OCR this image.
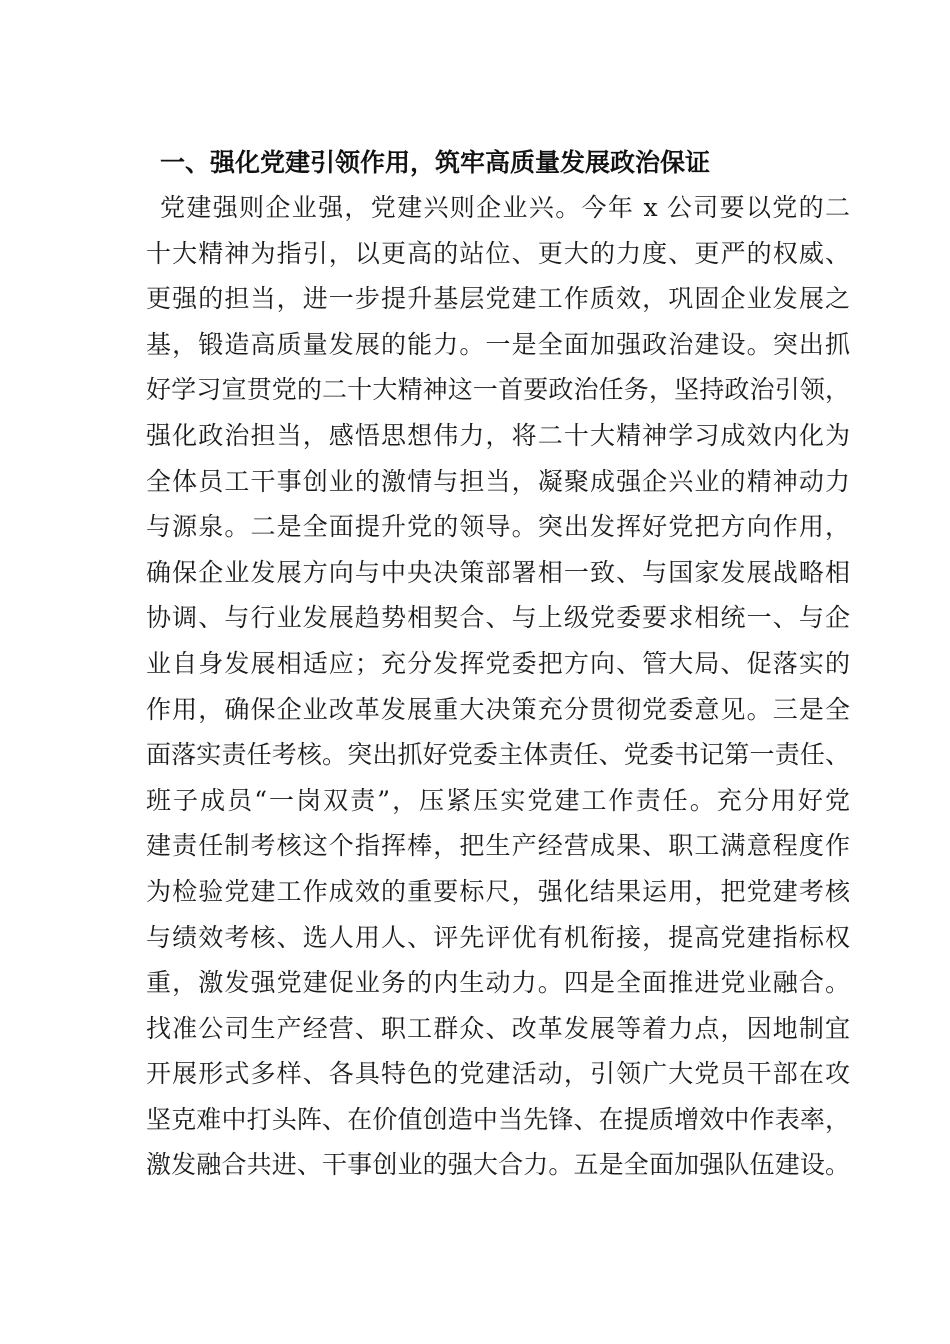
一、强化党建引领作用，筑牢高质量发展政治保证
党建强则企业强，党建兴则企业兴。今年 x 公司要以党的二
十大精神为指引，以更高的站位、更大的力度、更严的权威、
更强的担当，进一步提升基层党建工作质效，巩固企业发展之
基，锻造高质量发展的能力。一是全面加强政治建设。突出抓
好学习宣贯党的二十大精神这一首要政治任务，坚持政治引领，
强化政治担当，感悟思想伟力，将二十大精神学习成效内化为
全体员工干事创业的激情与担当，凝聚成强企兴业的精神动力
与源泉。二是全面提升党的领导。突出发挥好党把方向作用，
确保企业发展方向与中央决策部署相一致、与国家发展战略相
协调、与行业发展趋势相契合、与上级党委要求相统一、与企
业自身发展相适应；充分发挥党委把方向、管大局、促落实的
作用，确保企业改革发展重大决策充分贯彻党委意见。三是全
面落实责任考核。突出抓好党委主体责任、党委书记第一责任、
班子成员“一岗双责”，压紧压实党建工作责任。充分用好党
建责任制考核这个指挥棒，把生产经营成果、职工满意程度作
为检验党建工作成效的重要标尺，强化结果运用，把党建考核
与绩效考核、选人用人、评先评优有机衔接，提高党建指标权
重，激发强党建促业务的内生动力。四是全面推进党业融合。
找准公司生产经营、职工群众、改革发展等着力点，因地制宜
开展形式多样、各具特色的党建活动，引领广大党员干部在攻
坚克难中打头阵、在价值创造中当先锋、在提质增效中作表率，
激发融合共进、干事创业的强大合力。五是全面加强队伍建设。
